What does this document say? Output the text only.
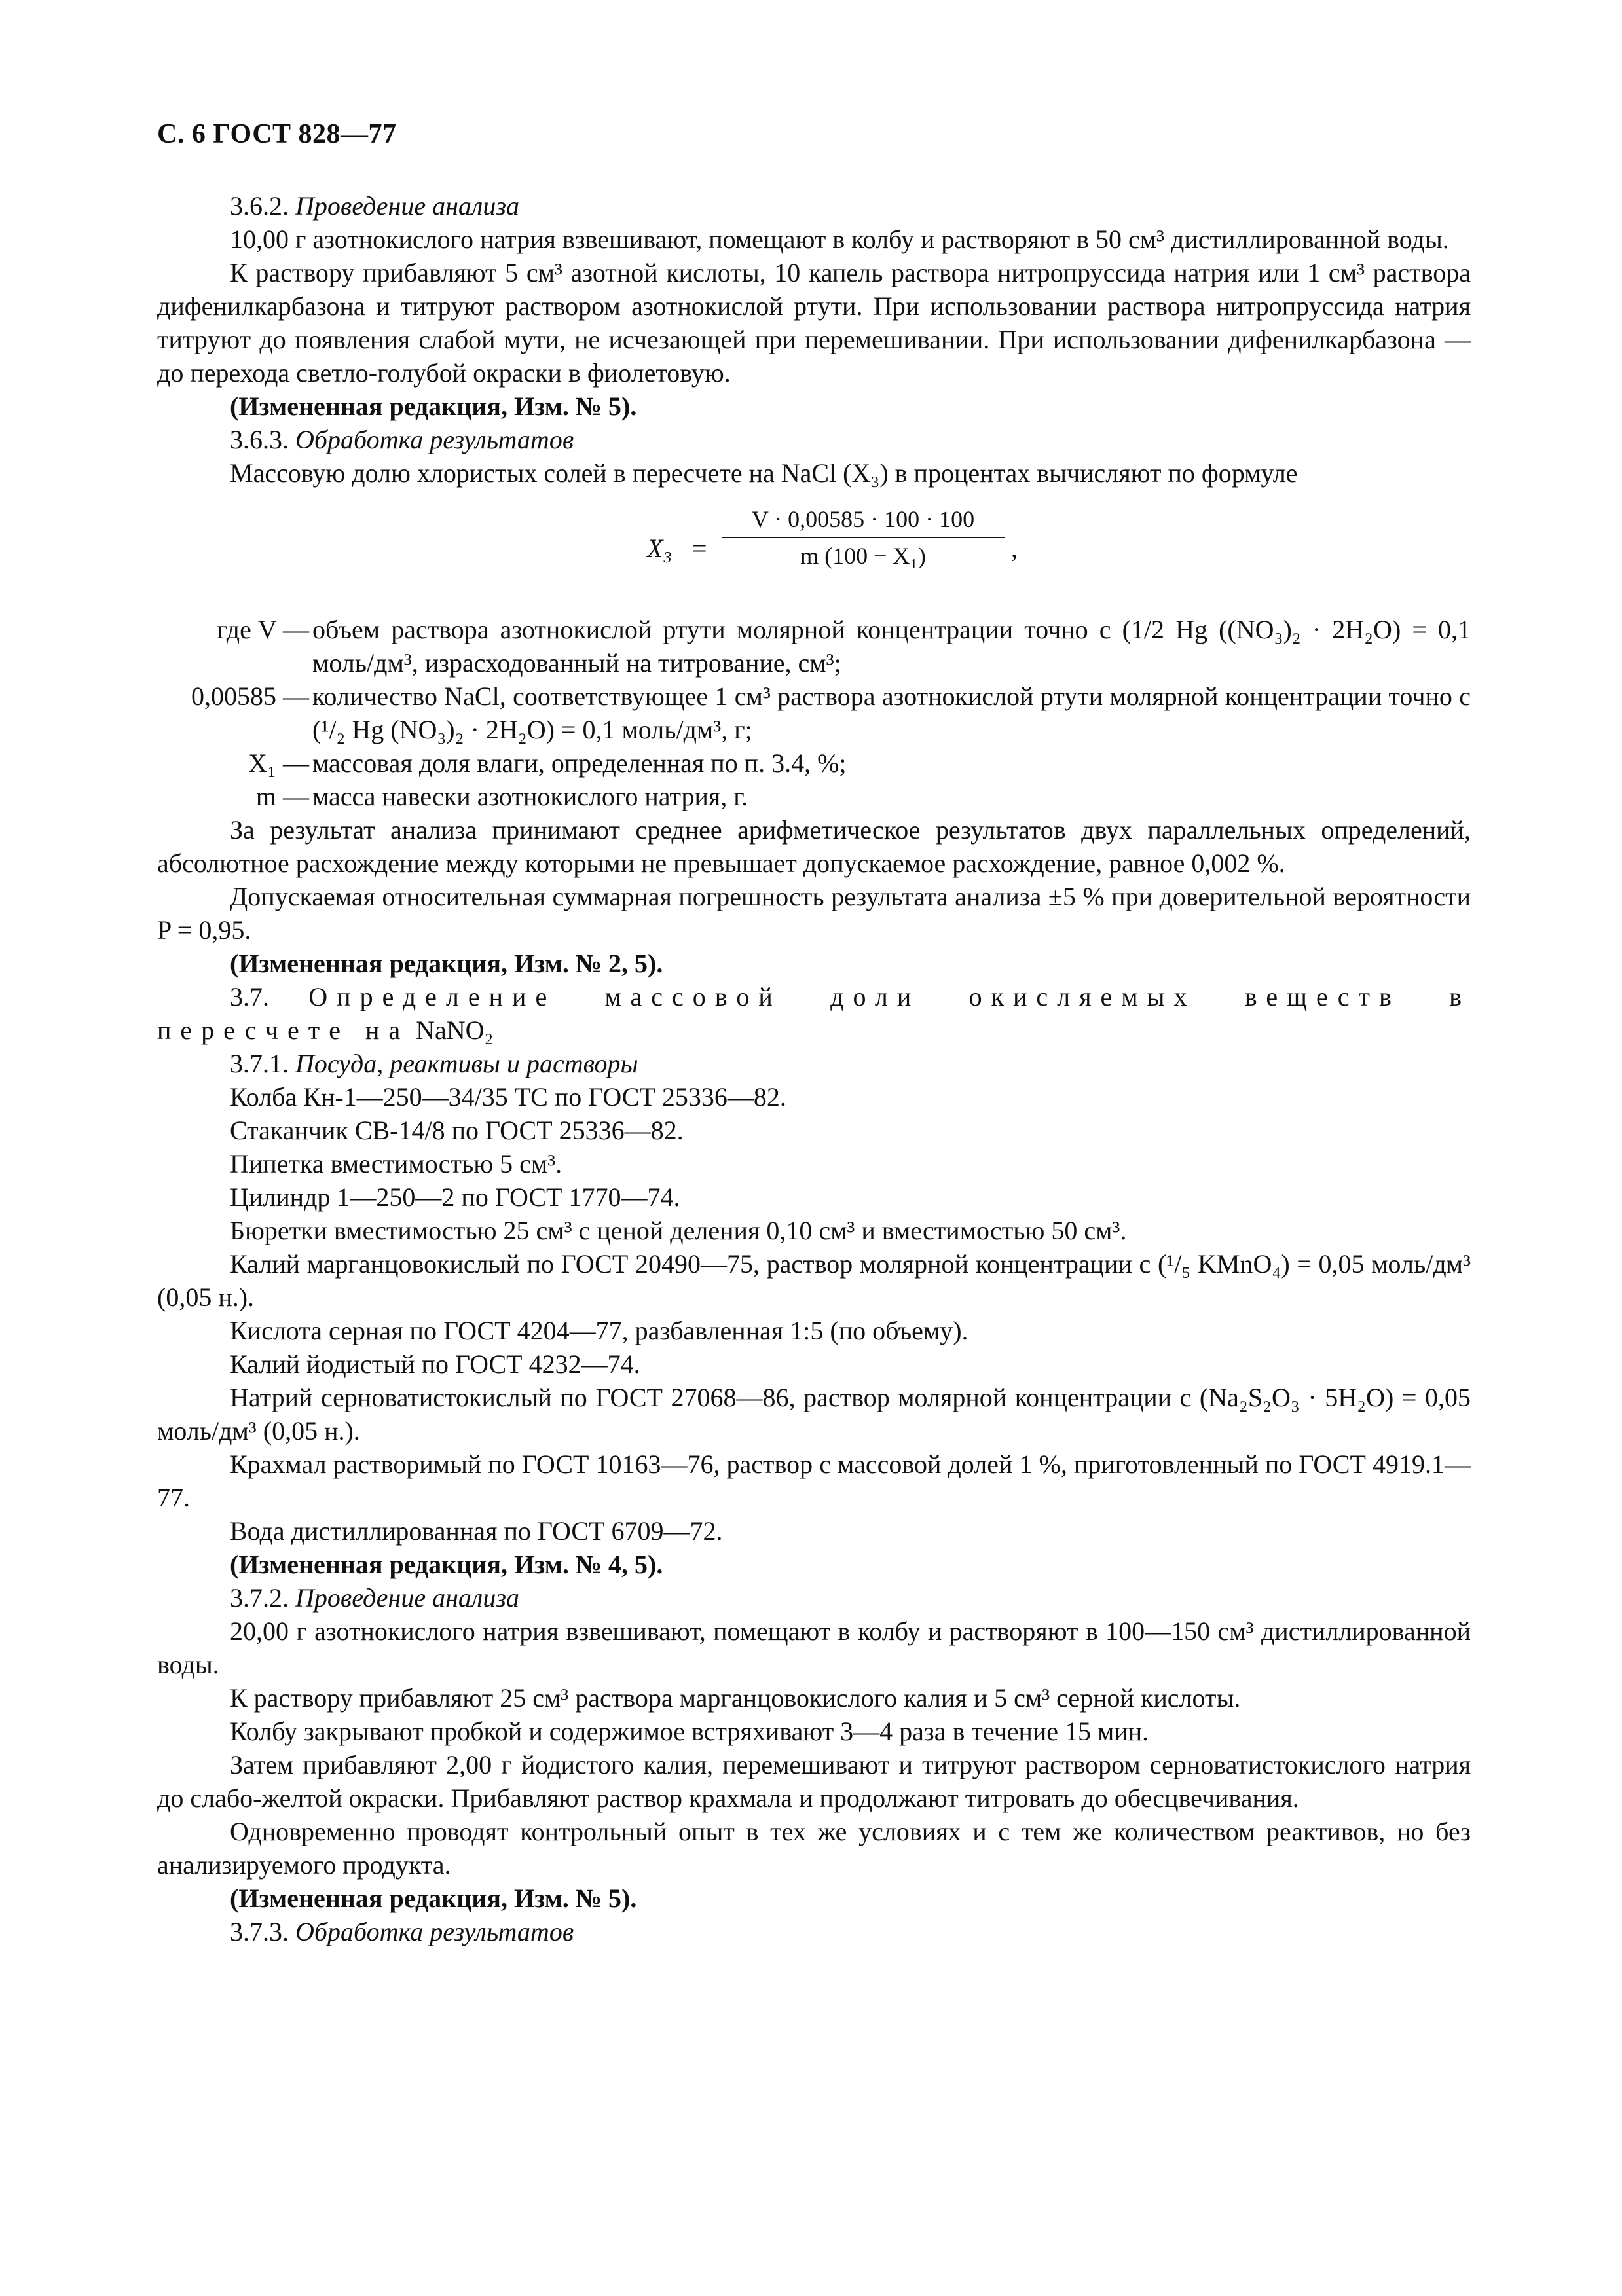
С. 6 ГОСТ 828—77

3.6.2. Проведение анализа

10,00 г азотнокислого натрия взвешивают, помещают в колбу и растворяют в 50 см³ дистиллированной воды.

К раствору прибавляют 5 см³ азотной кислоты, 10 капель раствора нитропруссида натрия или 1 см³ раствора дифенилкарбазона и титруют раствором азотнокислой ртути. При использовании раствора нитропруссида натрия титруют до появления слабой мути, не исчезающей при перемешивании. При использовании дифенилкарбазона — до перехода светло-голубой окраски в фиолетовую.

(Измененная редакция, Изм. № 5).

3.6.3. Обработка результатов

Массовую долю хлористых солей в пересчете на NaCl (X₃) в процентах вычисляют по формуле

X₃ =
V · 0,00585 · 100 · 100
m (100 − X₁)	,
где V — объем раствора азотнокислой ртути молярной концентрации точно c (1/2 Hg ((NO₃)₂ · 2H₂O) = 0,1 моль/дм³, израсходованный на титрование, см³;
0,00585 — количество NaCl, соответствующее 1 см³ раствора азотнокислой ртути молярной концентрации точно c (¹/₂ Hg (NO₃)₂ · 2H₂O) = 0,1 моль/дм³, г;
X₁ — массовая доля влаги, определенная по п. 3.4, %;
m — масса навески азотнокислого натрия, г.

За результат анализа принимают среднее арифметическое результатов двух параллельных определений, абсолютное расхождение между которыми не превышает допускаемое расхождение, равное 0,002 %.

Допускаемая относительная суммарная погрешность результата анализа ±5 % при доверительной вероятности P = 0,95.

(Измененная редакция, Изм. № 2, 5).

3.7. Определение массовой доли окисляемых веществ в пересчете на NaNO₂

3.7.1. Посуда, реактивы и растворы

Колба Кн-1—250—34/35 ТС по ГОСТ 25336—82.

Стаканчик СВ-14/8 по ГОСТ 25336—82.

Пипетка вместимостью 5 см³.

Цилиндр 1—250—2 по ГОСТ 1770—74.

Бюретки вместимостью 25 см³ с ценой деления 0,10 см³ и вместимостью 50 см³.

Калий марганцовокислый по ГОСТ 20490—75, раствор молярной концентрации c (¹/₅ KMnO₄) = 0,05 моль/дм³ (0,05 н.).

Кислота серная по ГОСТ 4204—77, разбавленная 1:5 (по объему).

Калий йодистый по ГОСТ 4232—74.

Натрий серноватистокислый по ГОСТ 27068—86, раствор молярной концентрации c (Na₂S₂O₃ · 5H₂O) = 0,05 моль/дм³ (0,05 н.).

Крахмал растворимый по ГОСТ 10163—76, раствор с массовой долей 1 %, приготовленный по ГОСТ 4919.1—77.

Вода дистиллированная по ГОСТ 6709—72.

(Измененная редакция, Изм. № 4, 5).

3.7.2. Проведение анализа

20,00 г азотнокислого натрия взвешивают, помещают в колбу и растворяют в 100—150 см³ дистиллированной воды.

К раствору прибавляют 25 см³ раствора марганцовокислого калия и 5 см³ серной кислоты.

Колбу закрывают пробкой и содержимое встряхивают 3—4 раза в течение 15 мин.

Затем прибавляют 2,00 г йодистого калия, перемешивают и титруют раствором серноватистокислого натрия до слабо-желтой окраски. Прибавляют раствор крахмала и продолжают титровать до обесцвечивания.

Одновременно проводят контрольный опыт в тех же условиях и с тем же количеством реактивов, но без анализируемого продукта.

(Измененная редакция, Изм. № 5).

3.7.3. Обработка результатов
